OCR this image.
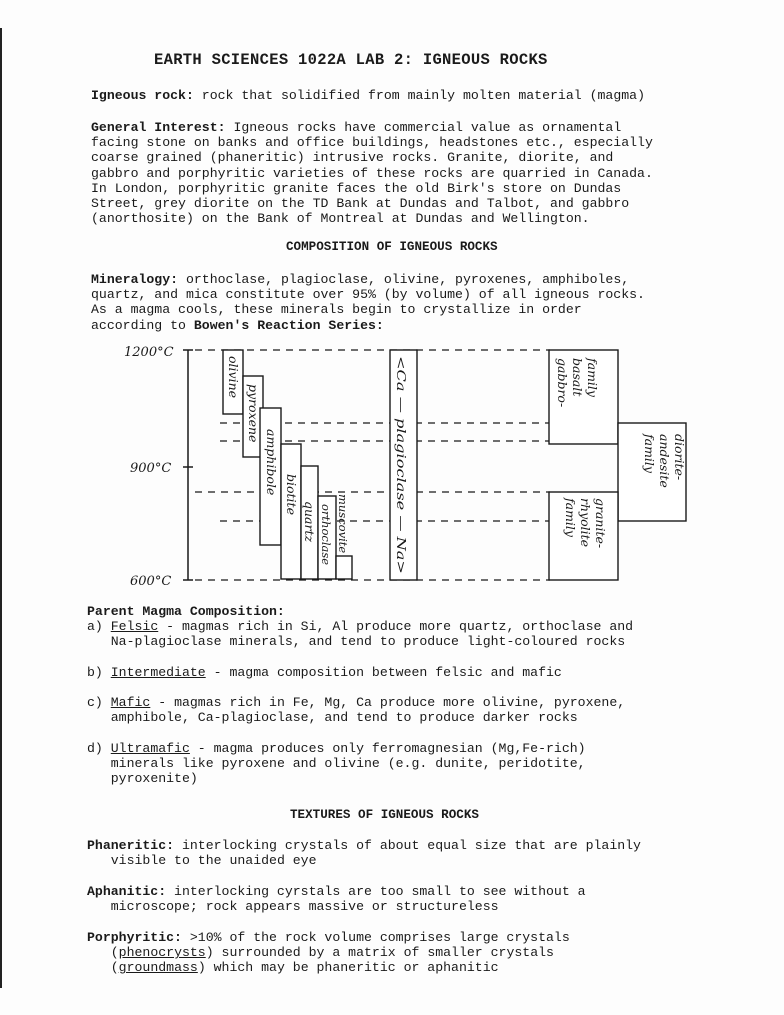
EARTH SCIENCES 1022A LAB 2: IGNEOUS ROCKS
Igneous rock: rock that solidified from mainly molten material (magma)
General Interest: Igneous rocks have commercial value as ornamental
facing stone on banks and office buildings, headstones etc., especially
coarse grained (phaneritic) intrusive rocks. Granite, diorite, and
gabbro and porphyritic varieties of these rocks are quarried in Canada.
In London, porphyritic granite faces the old Birk's store on Dundas
Street, grey diorite on the TD Bank at Dundas and Talbot, and gabbro
(anorthosite) on the Bank of Montreal at Dundas and Wellington.
COMPOSITION OF IGNEOUS ROCKS
Mineralogy: orthoclase, plagioclase, olivine, pyroxenes, amphiboles,
quartz, and mica constitute over 95% (by volume) of all igneous rocks.
As a magma cools, these minerals begin to crystallize in order
according to Bowen's Reaction Series:
1200°C
900°C
600°C
olivine
pyroxene
amphibole biotite
quartz orthoclase muscovite	<Ca — plagioclase — Na>	gabbro- basalt family
diorite- andesite family
granite- rhyolite family
Parent Magma Composition:
a) Felsic - magmas rich in Si, Al produce more quartz, orthoclase and
Na-plagioclase minerals, and tend to produce light-coloured rocks

b) Intermediate - magma composition between felsic and mafic

c) Mafic - magmas rich in Fe, Mg, Ca produce more olivine, pyroxene,
amphibole, Ca-plagioclase, and tend to produce darker rocks

d) Ultramafic - magma produces only ferromagnesian (Mg,Fe-rich)
minerals like pyroxene and olivine (e.g. dunite, peridotite,
pyroxenite)
TEXTURES OF IGNEOUS ROCKS
Phaneritic: interlocking crystals of about equal size that are plainly
visible to the unaided eye
Aphanitic: interlocking cyrstals are too small to see without a
microscope; rock appears massive or structureless
Porphyritic: >10% of the rock volume comprises large crystals
(phenocrysts) surrounded by a matrix of smaller crystals
(groundmass) which may be phaneritic or aphanitic
